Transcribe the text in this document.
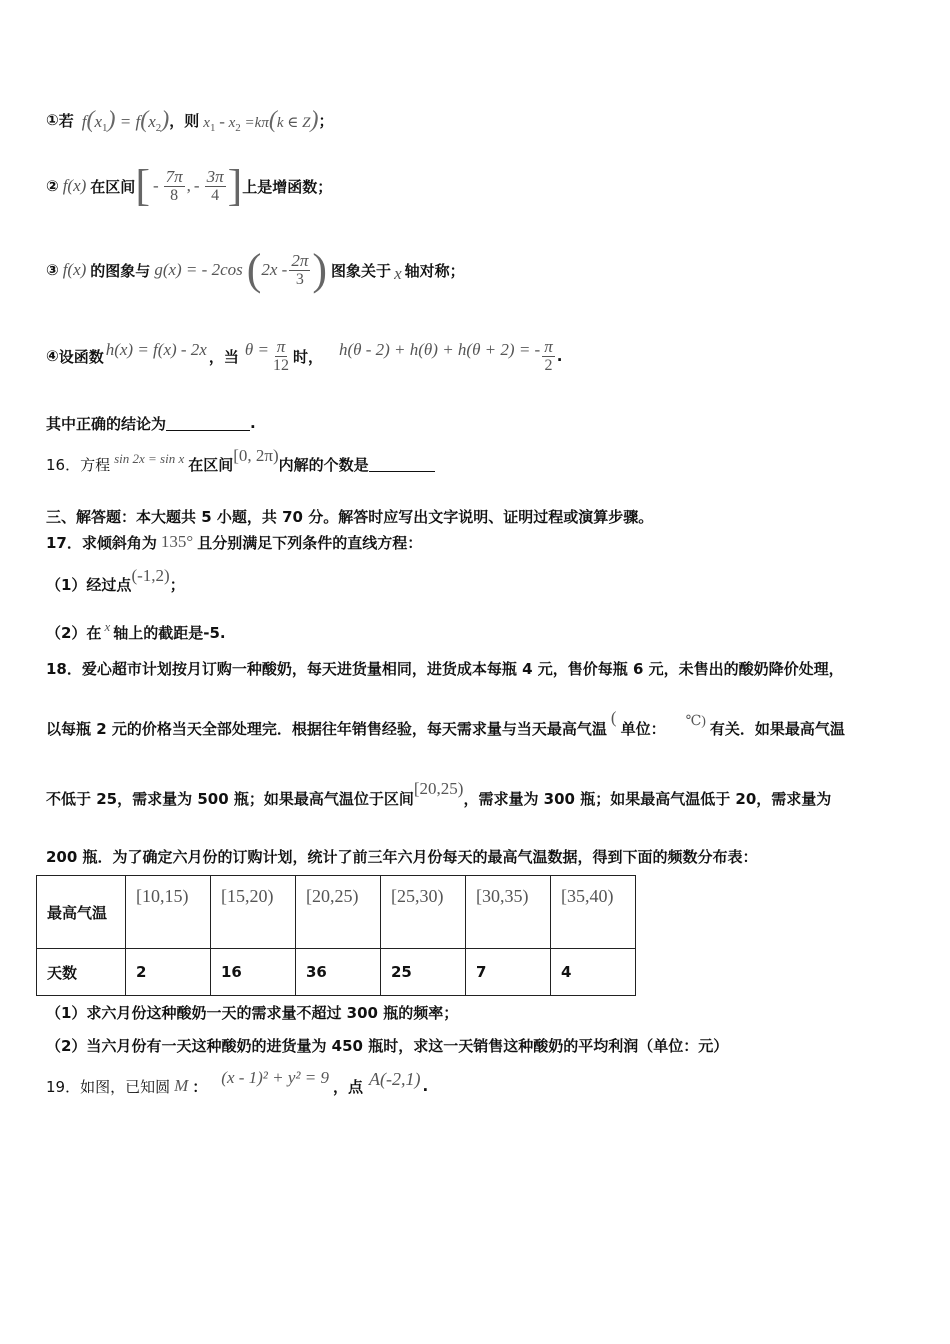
① 若 $f(x_1) = f(x_2)$ ，则 $x_1 - x_2 =k\pi(k$ ∈ Z) ；
② f(x) 在区间 [ - $\frac{7\pi}{8}$ , - $\frac{3\pi}{4}$ ] 上是增函数；
③ f(x) 的图象与 g(x) = - 2cos ( $2x - \frac{2\pi}{3}$ ) 图象关于 x 轴对称；
④ 设函数 h(x) = f(x) - 2x ，当 $\theta = \frac{\pi}{12}$ 时， h(θ - 2) + h(θ) + h(θ + 2) = - $\frac{\pi}{2}$ .
其中正确的结论为	.
16．方程 sin 2x = sin x 在区间 [0, 2π) 内解的个数是
三、解答题：本大题共 5 小题，共 70 分。解答时应写出文字说明、证明过程或演算步骤。
17．求倾斜角为 135° 且分别满足下列条件的直线方程：
（1）经过点 (-1,2) ；
（2）在 x 轴上的截距是-5.
18．爱心超市计划按月订购一种酸奶，每天进货量相同，进货成本每瓶 4 元，售价每瓶 6 元，未售出的酸奶降价处理，
以每瓶 2 元的价格当天全部处理完．根据往年销售经验，每天需求量与当天最高气温
(
单位： ℃) 有关．如果最高气温
不低于 25，需求量为 500 瓶；如果最高气温位于区间
[20,25)
，需求量为 300 瓶；如果最高气温低于 20，需求量为
200 瓶．为了确定六月份的订购计划，统计了前三年六月份每天的最高气温数据，得到下面的频数分布表：
最高气温	[10,15)	[15,20)	[20,25)	[25,30)	[30,35)	[35,40)

天数	2	16	36	25	7	4
（1）求六月份这种酸奶一天的需求量不超过 300 瓶的频率；
（2）当六月份有一天这种酸奶的进货量为 450 瓶时，求这一天销售这种酸奶的平均利润（单位：元）
19．如图，已知圆 M ： (x - 1)² + y² = 9 ，点 A(-2,1) .
